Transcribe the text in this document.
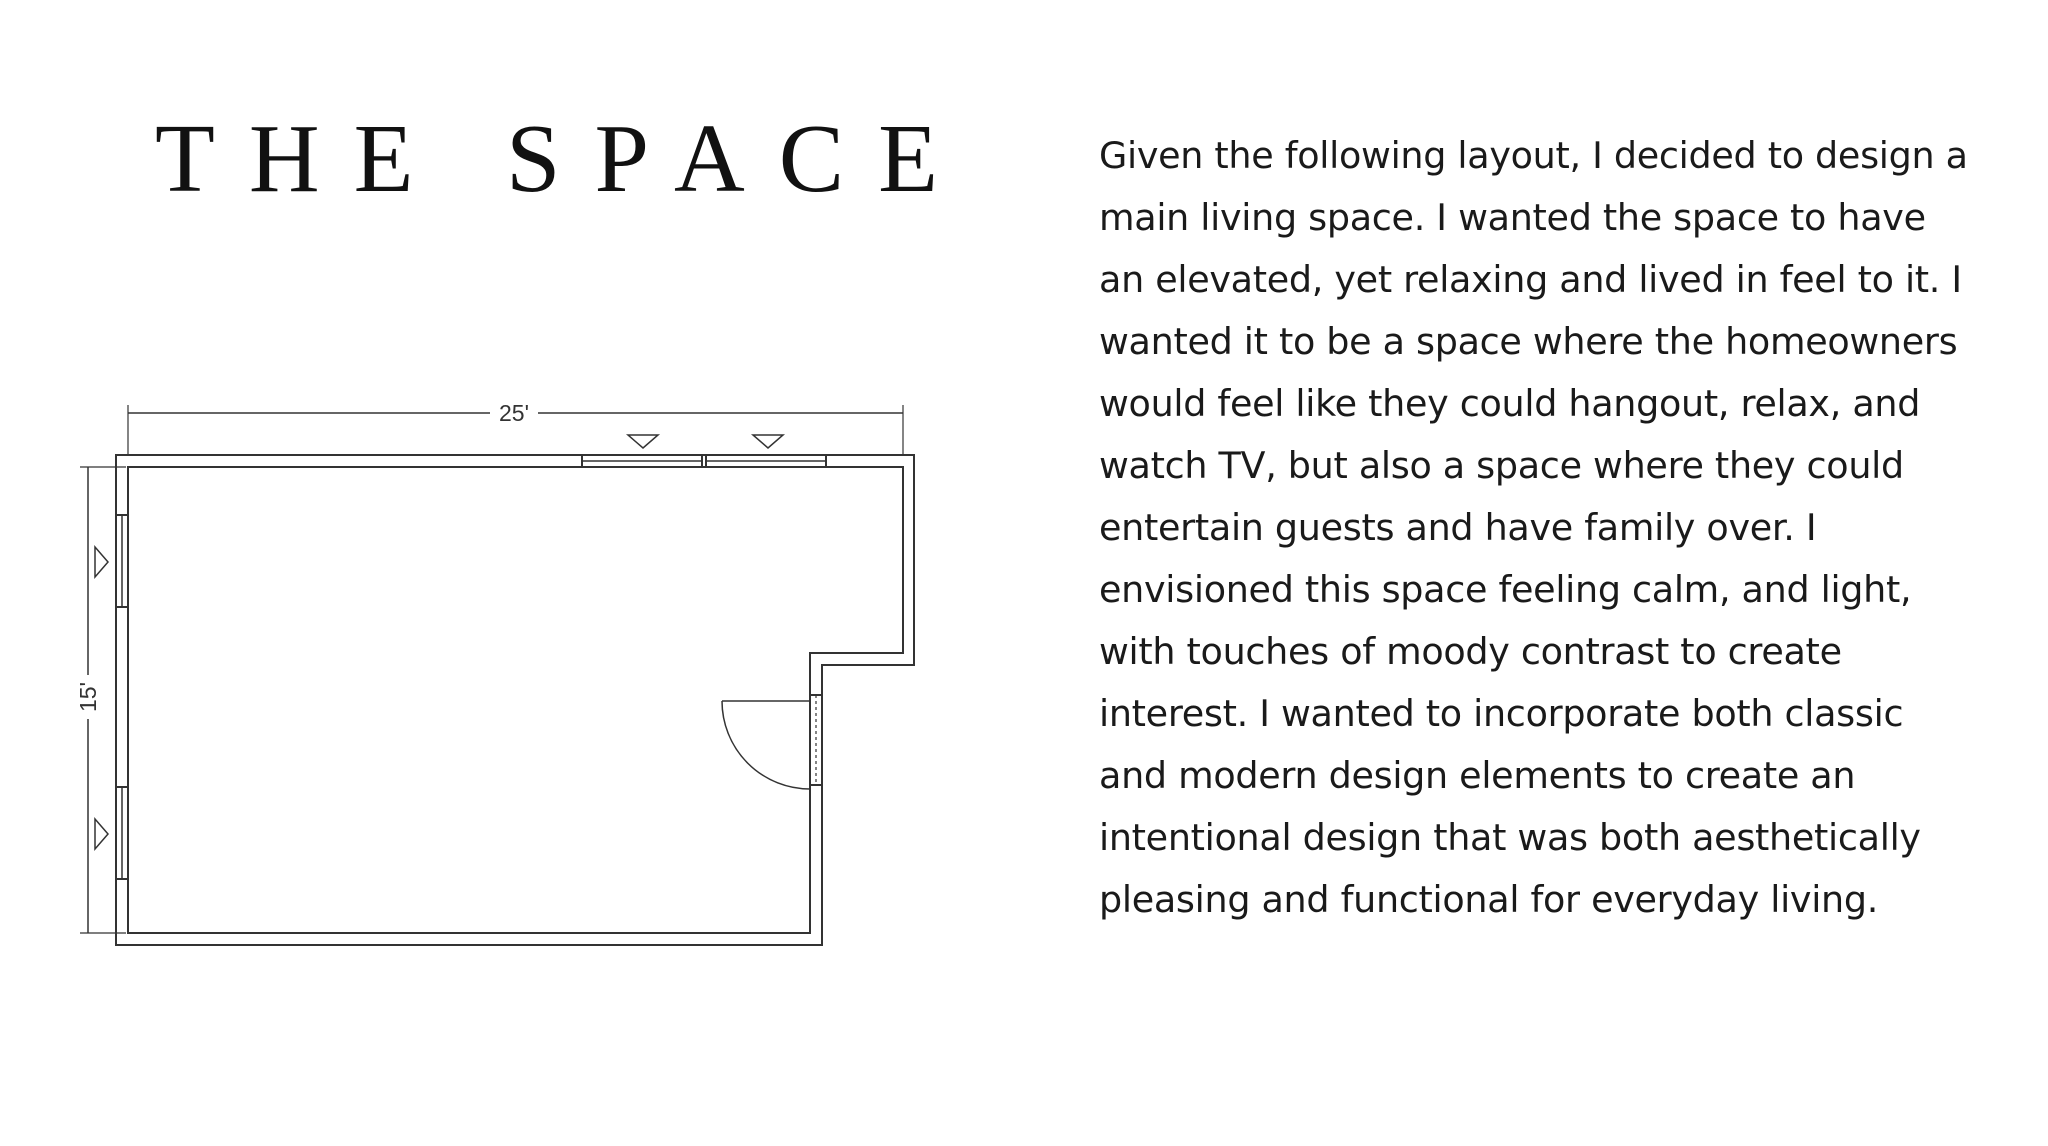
THE SPACE
25'
15'

Given the following layout, I decided to design a main living space. I wanted the space to have an elevated, yet relaxing and lived in feel to it. I wanted it to be a space where the homeowners would feel like they could hangout, relax, and watch TV, but also a space where they could entertain guests and have family over. I envisioned this space feeling calm, and light, with touches of moody contrast to create interest. I wanted to incorporate both classic and modern design elements to create an intentional design that was both aesthetically pleasing and functional for everyday living.
